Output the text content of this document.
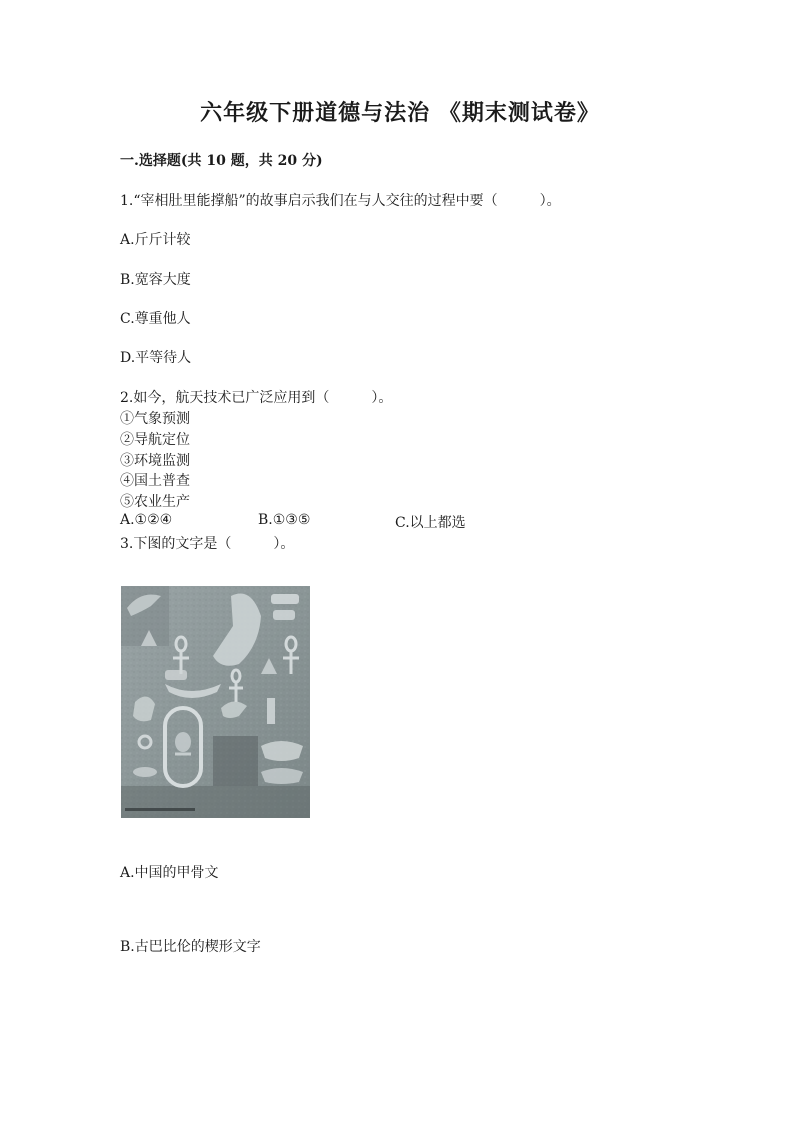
六年级下册道德与法治 《期末测试卷》

一.选择题(共 10 题，共 20 分)

1.“宰相肚里能撑船”的故事启示我们在与人交往的过程中要（　　　）。

A.斤斤计较

B.宽容大度

C.尊重他人

D.平等待人

2.如今，航天技术已广泛应用到（　　　）。

①气象预测

②导航定位

③环境监测

④国土普查

⑤农业生产

A.①②④	B.①③⑤	C.以上都选

3.下图的文字是（　　　）。

A.中国的甲骨文

B.古巴比伦的楔形文字
